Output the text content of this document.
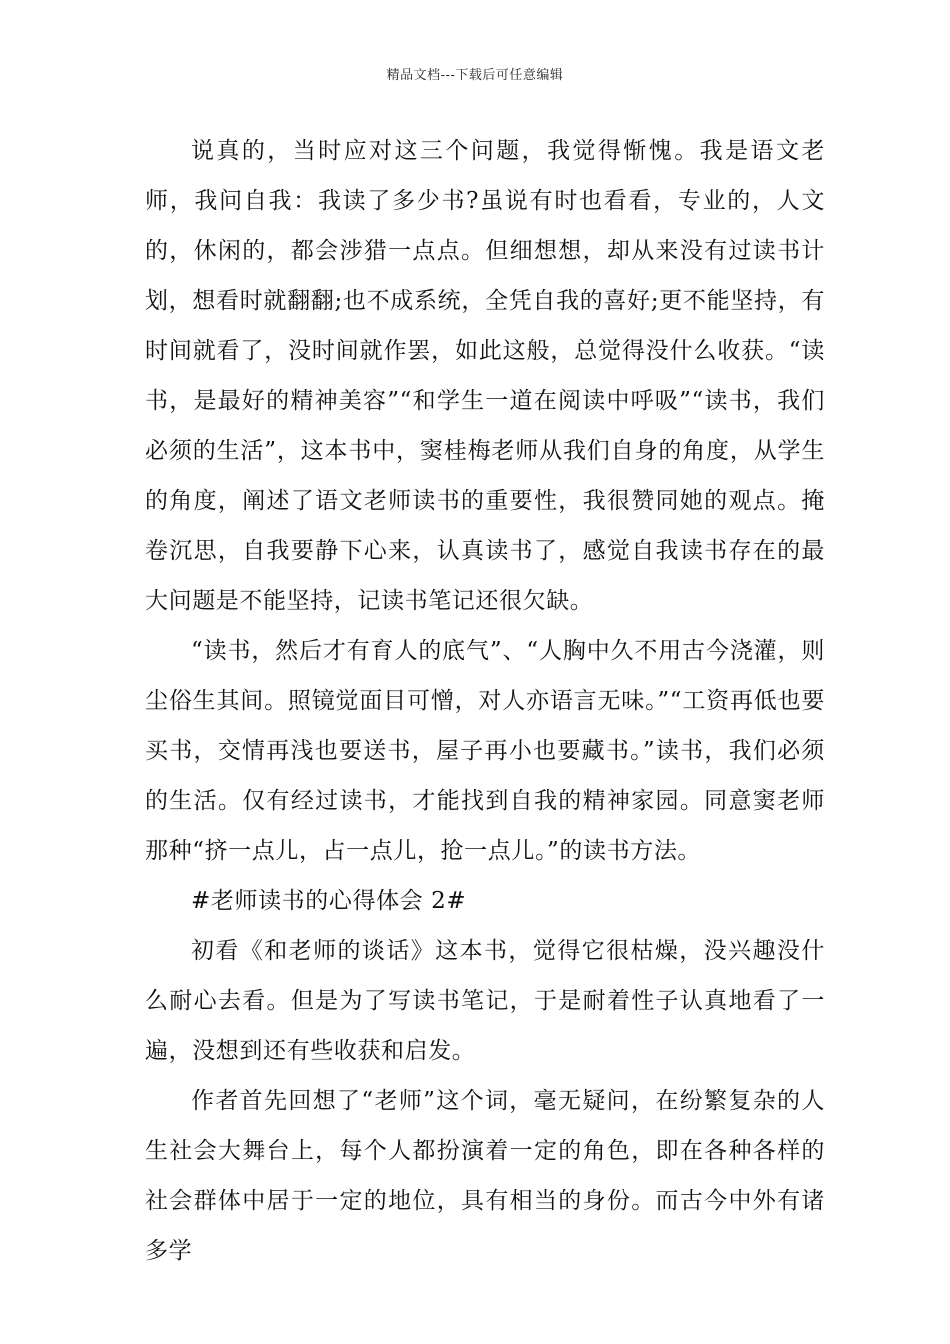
精品文档---下载后可任意编辑

说真的，当时应对这三个问题，我觉得惭愧。我是语文老师，我问自我：我读了多少书?虽说有时也看看，专业的，人文的，休闲的，都会涉猎一点点。但细想想，却从来没有过读书计划，想看时就翻翻;也不成系统，全凭自我的喜好;更不能坚持，有时间就看了，没时间就作罢，如此这般，总觉得没什么收获。“读书，是最好的精神美容”“和学生一道在阅读中呼吸”“读书，我们必须的生活”，这本书中，窦桂梅老师从我们自身的角度，从学生的角度，阐述了语文老师读书的重要性，我很赞同她的观点。掩卷沉思，自我要静下心来，认真读书了，感觉自我读书存在的最大问题是不能坚持，记读书笔记还很欠缺。

“读书，然后才有育人的底气”、“人胸中久不用古今浇灌，则尘俗生其间。照镜觉面目可憎，对人亦语言无味。”“工资再低也要买书，交情再浅也要送书，屋子再小也要藏书。”读书，我们必须的生活。仅有经过读书，才能找到自我的精神家园。同意窦老师那种“挤一点儿，占一点儿，抢一点儿。”的读书方法。

#老师读书的心得体会 2#

初看《和老师的谈话》这本书，觉得它很枯燥，没兴趣没什么耐心去看。但是为了写读书笔记，于是耐着性子认真地看了一遍，没想到还有些收获和启发。

作者首先回想了“老师”这个词，毫无疑问，在纷繁复杂的人生社会大舞台上，每个人都扮演着一定的角色，即在各种各样的社会群体中居于一定的地位，具有相当的身份。而古今中外有诸多学
